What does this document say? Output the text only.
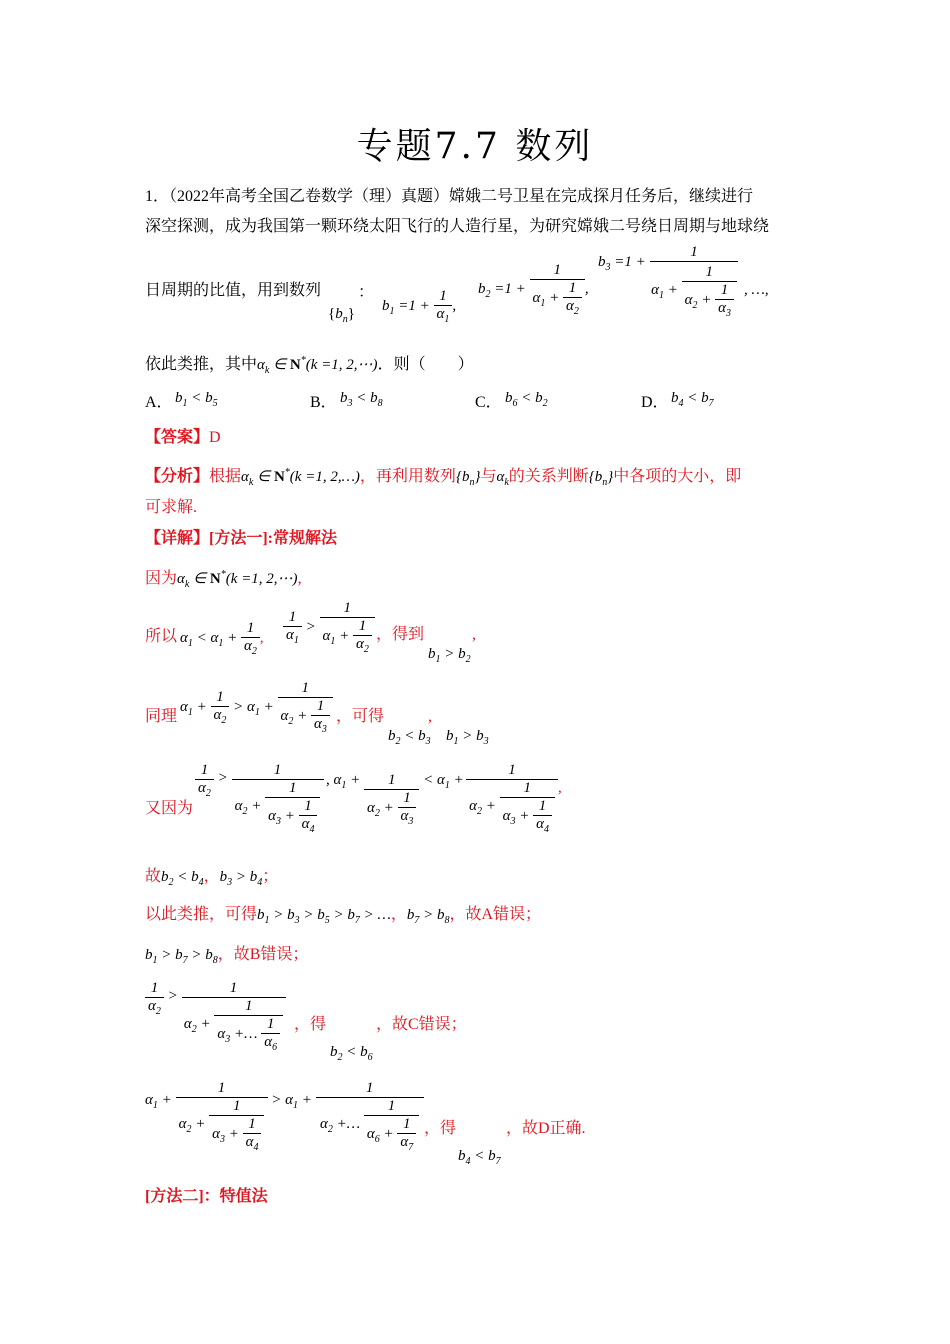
专题7.7 数列
1．（2022年高考全国乙卷数学（理）真题）嫦娥二号卫星在完成探月任务后，继续进行
深空探测，成为我国第一颗环绕太阳飞行的人造行星，为研究嫦娥二号绕日周期与地球绕
日周期的比值，用到数列
$\{b_n\}$
：
$b_1 =1 + \frac{1}{\alpha_1}$ ,
$b_2 =1 + \frac{1}{\alpha_1 + \frac{1}{\alpha_2}}$ ,
$b_3 =1$ +
1
$\alpha_1 + \frac{1}{\alpha_2 + \frac{1}{\alpha_3}}$ , …,
依此类推，其中$\alpha_k$ ∈ N*(k =1, 2,⋯)．则（　　）
A． $b_1 < b_5$	B． $b_3 < b_8$	C． $b_6 < b_2$	D． $b_4 < b_7$
【答案】D
【分析】根据$\alpha_k$ ∈ N*(k =1, 2,…)，再利用数列$\{b_n\}$与$\alpha_k$的关系判断$\{b_n\}$中各项的大小，即
可求解.
【详解】[方法一]:常规解法
因为$\alpha_k$ ∈ N*(k =1, 2,⋯),
所以 $\alpha_1 < \alpha_1 + \frac{1}{\alpha_2}$ , $\frac{1}{\alpha_1} > \frac{1}{\alpha_1 + \frac{1}{\alpha_2}}$ ，得到	,
$b_1 > b_2$
同理
$\alpha_1 + \frac{1}{\alpha_2} > \alpha_1 + \frac{1}{\alpha_2 + \frac{1}{\alpha_3}}$ ，可得	,
$b_2 < b_3$ $b_1 > b_3$
又因为
$\frac{1}{\alpha_2} > \frac{1}{\alpha_2 + \frac{1}{\alpha_3 + \frac{1}{\alpha_4}}}$ , $\alpha_1 + \frac{1}{\alpha_2 + \frac{1}{\alpha_3}} < \alpha_1 + \frac{1}{\alpha_2 + \frac{1}{\alpha_3 + \frac{1}{\alpha_4}}}$ ,
故$b_2 < b_4$，$b_3 > b_4$；
以此类推，可得$b_1 > b_3 > b_5 > b_7$ > …，$b_7 > b_8$，故A错误；
$b_1 > b_7 > b_8$，故B错误；
$\frac{1}{\alpha_2} > \frac{1}{\alpha_2 + \frac{1}{\alpha_3 +\dots \frac{1}{\alpha_6}}}$ ，得	，故C错误；
$b_2 < b_6$
$\alpha_1 + \frac{1}{\alpha_2 + \frac{1}{\alpha_3 + \frac{1}{\alpha_4}}} > \alpha_1 + \frac{1}{\alpha_2 +\dots \frac{1}{\alpha_6 + \frac{1}{\alpha_7}}}$ ，得	，故D正确.
$b_4 < b_7$
[方法二]：特值法
